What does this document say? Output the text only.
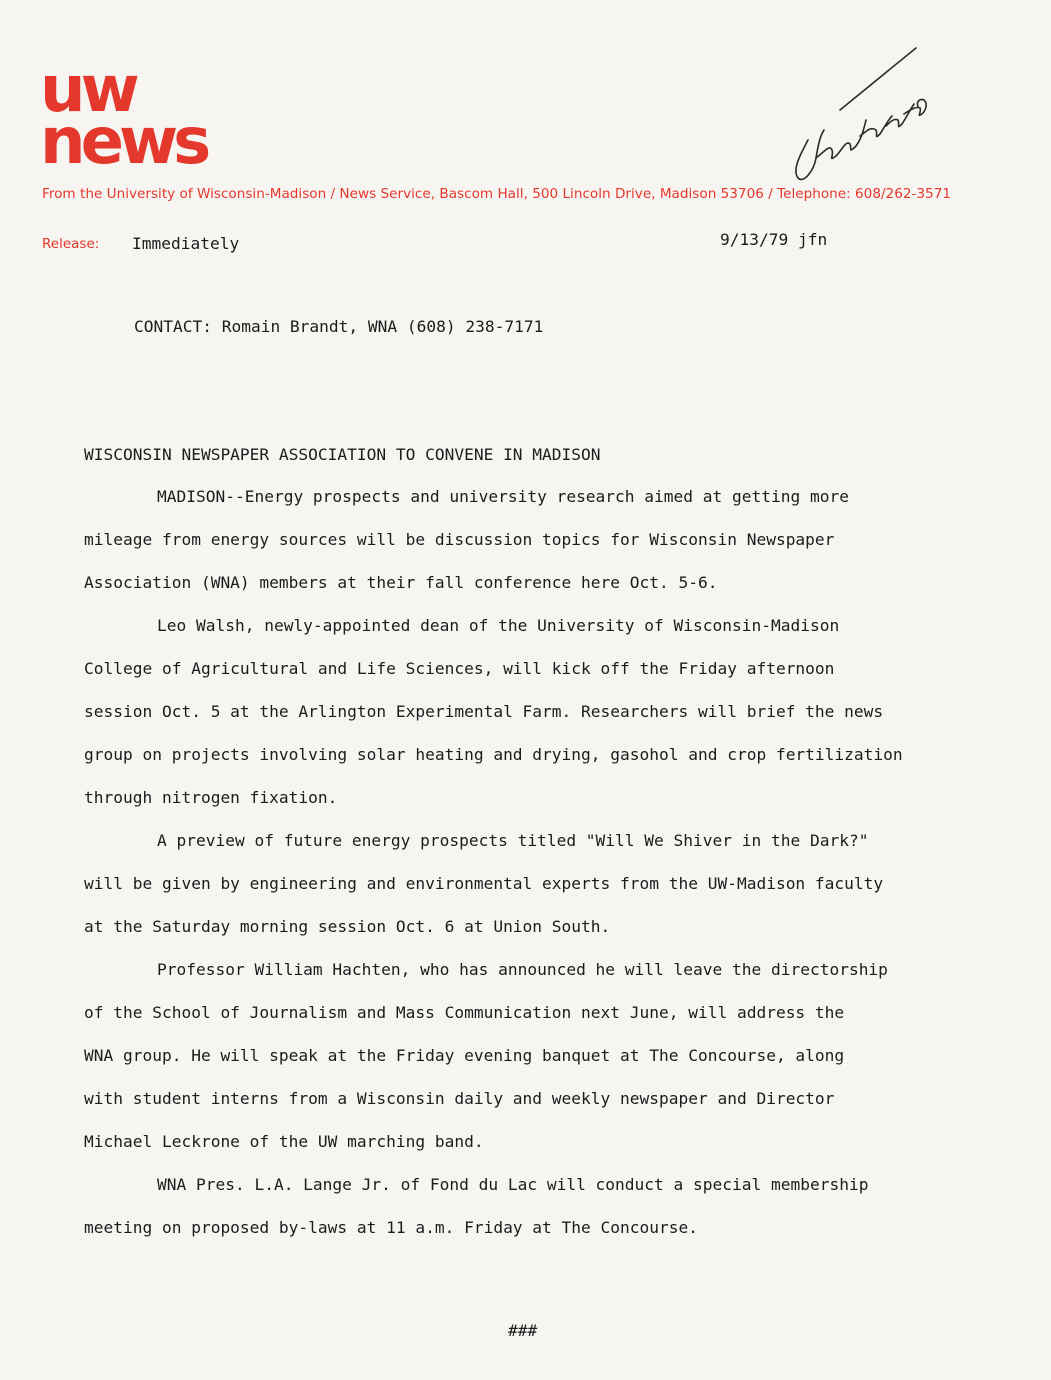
uw
news
From the University of Wisconsin-Madison / News Service, Bascom Hall, 500 Lincoln Drive, Madison 53706 / Telephone: 608/262-3571
Release: Immediately	9/13/79 jfn
CONTACT: Romain Brandt, WNA (608) 238-7171
WISCONSIN NEWSPAPER ASSOCIATION TO CONVENE IN MADISON

MADISON--Energy prospects and university research aimed at getting more
mileage from energy sources will be discussion topics for Wisconsin Newspaper
Association (WNA) members at their fall conference here Oct. 5-6.

Leo Walsh, newly-appointed dean of the University of Wisconsin-Madison
College of Agricultural and Life Sciences, will kick off the Friday afternoon
session Oct. 5 at the Arlington Experimental Farm. Researchers will brief the news
group on projects involving solar heating and drying, gasohol and crop fertilization
through nitrogen fixation.

A preview of future energy prospects titled "Will We Shiver in the Dark?"
will be given by engineering and environmental experts from the UW-Madison faculty
at the Saturday morning session Oct. 6 at Union South.

Professor William Hachten, who has announced he will leave the directorship
of the School of Journalism and Mass Communication next June, will address the
WNA group. He will speak at the Friday evening banquet at The Concourse, along
with student interns from a Wisconsin daily and weekly newspaper and Director
Michael Leckrone of the UW marching band.

WNA Pres. L.A. Lange Jr. of Fond du Lac will conduct a special membership
meeting on proposed by-laws at 11 a.m. Friday at The Concourse.

###
